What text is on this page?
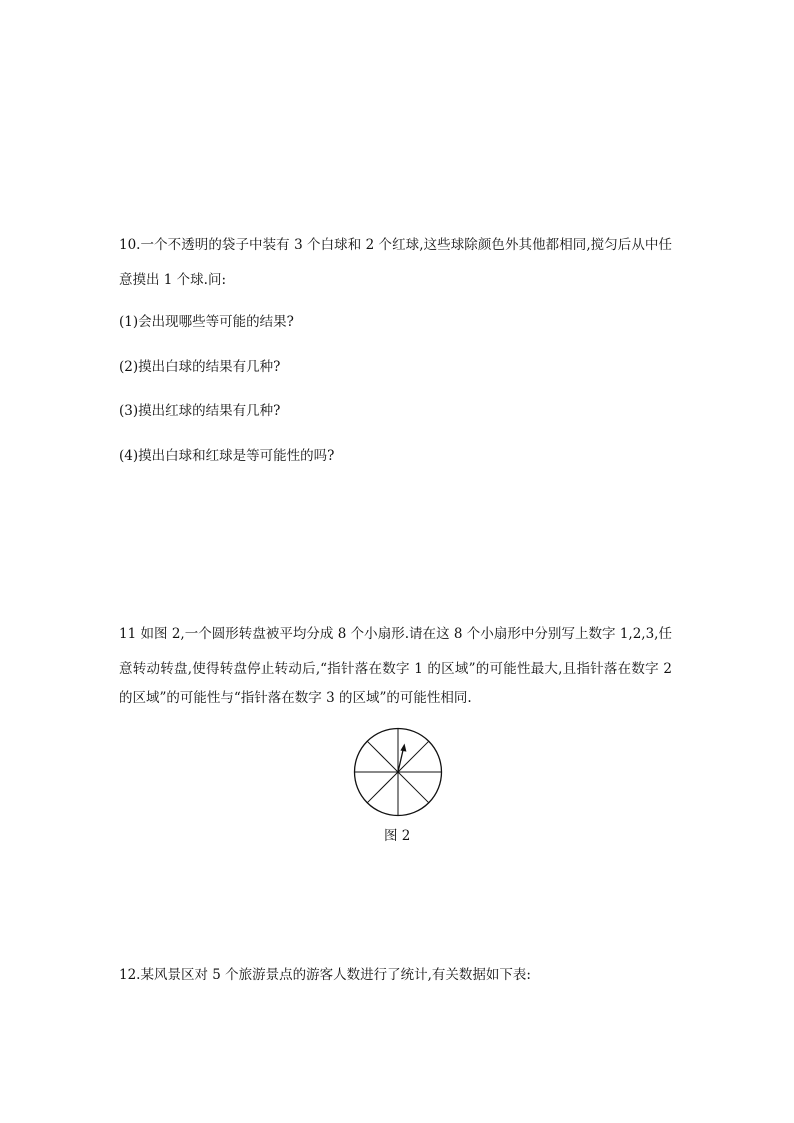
10.一个不透明的袋子中装有 3 个白球和 2 个红球,这些球除颜色外其他都相同,搅匀后从中任
意摸出 1 个球.问:
(1)会出现哪些等可能的结果?
(2)摸出白球的结果有几种?
(3)摸出红球的结果有几种?
(4)摸出白球和红球是等可能性的吗?
11 如图 2,一个圆形转盘被平均分成 8 个小扇形.请在这 8 个小扇形中分别写上数字 1,2,3,任
意转动转盘,使得转盘停止转动后,“指针落在数字 1 的区域”的可能性最大,且指针落在数字 2
的区域”的可能性与“指针落在数字 3 的区域”的可能性相同.
图 2
12.某风景区对 5 个旅游景点的游客人数进行了统计,有关数据如下表:
